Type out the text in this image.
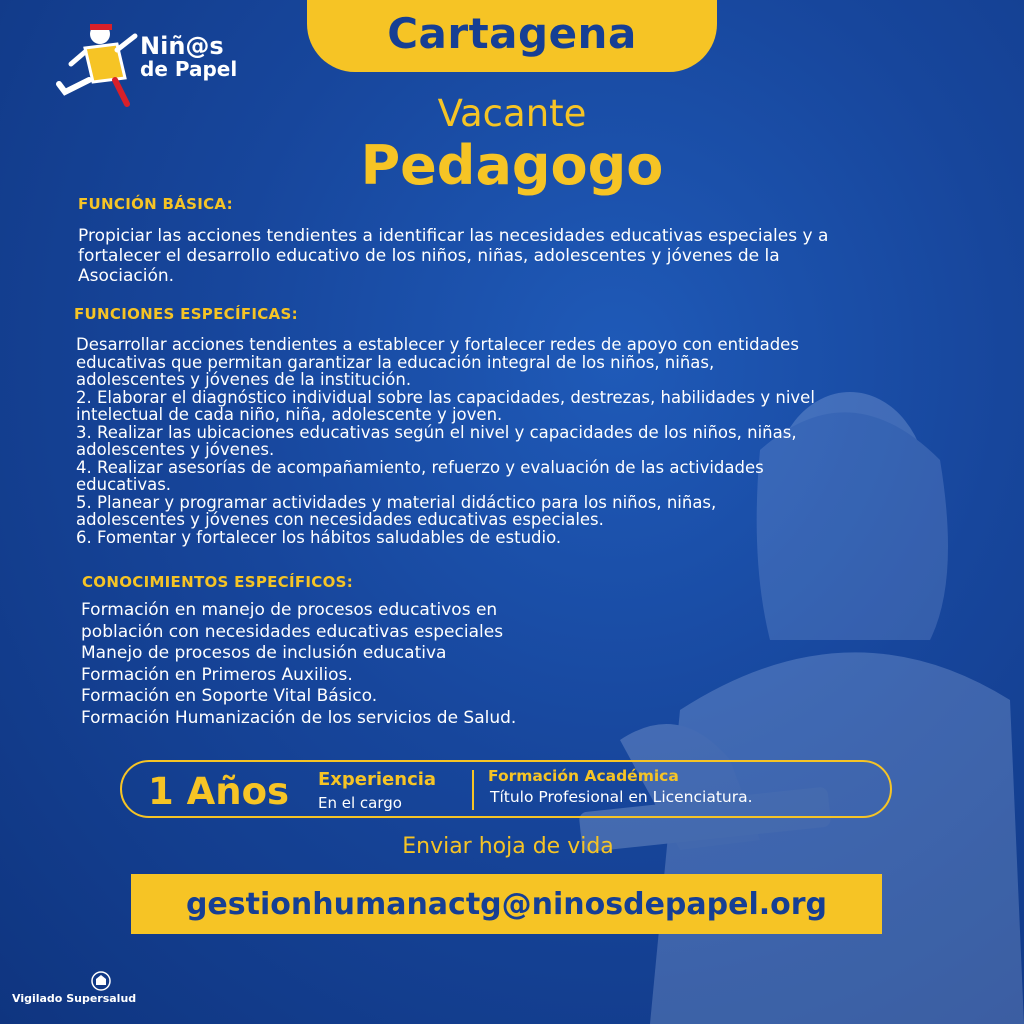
Niñ@s
de Papel
Cartagena
Vacante
Pedagogo
FUNCIÓN BÁSICA:
Propiciar las acciones tendientes a identificar las necesidades educativas especiales y a
fortalecer el desarrollo educativo de los niños, niñas, adolescentes y jóvenes de la
Asociación.
FUNCIONES ESPECÍFICAS:
Desarrollar acciones tendientes a establecer y fortalecer redes de apoyo con entidades
educativas que permitan garantizar la educación integral de los niños, niñas,
adolescentes y jóvenes de la institución.
2. Elaborar el diagnóstico individual sobre las capacidades, destrezas, habilidades y nivel
intelectual de cada niño, niña, adolescente y joven.
3. Realizar las ubicaciones educativas según el nivel y capacidades de los niños, niñas,
adolescentes y jóvenes.
4. Realizar asesorías de acompañamiento, refuerzo y evaluación de las actividades
educativas.
5. Planear y programar actividades y material didáctico para los niños, niñas,
adolescentes y jóvenes con necesidades educativas especiales.
6. Fomentar y fortalecer los hábitos saludables de estudio.
CONOCIMIENTOS ESPECÍFICOS:
Formación en manejo de procesos educativos en
población con necesidades educativas especiales
Manejo de procesos de inclusión educativa
Formación en Primeros Auxilios.
Formación en Soporte Vital Básico.
Formación Humanización de los servicios de Salud.
1 Años Experiencia
En el cargo
Formación Académica
Título Profesional en Licenciatura.
Enviar hoja de vida
gestionhumanactg@ninosdepapel.org
Vigilado Supersalud
